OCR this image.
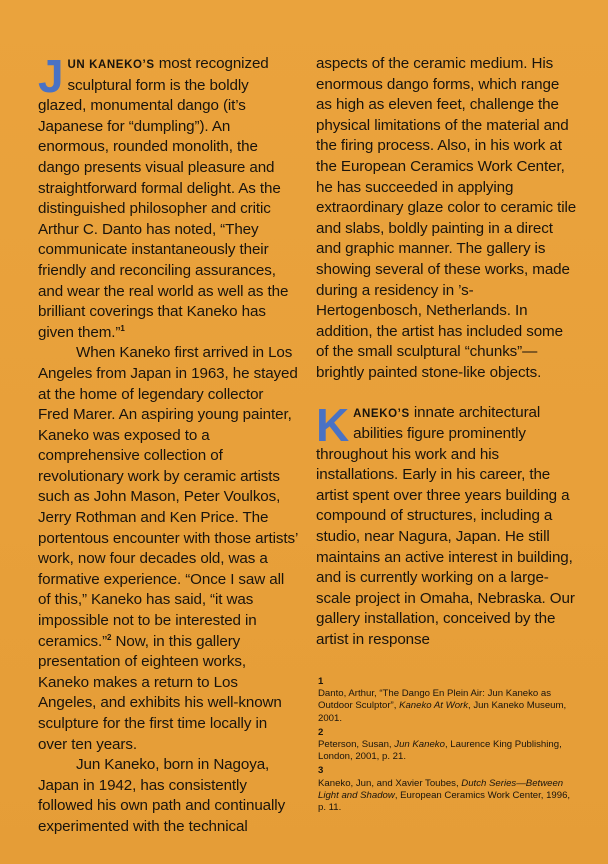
JUN KANEKO’S most recognized sculptural form is the boldly glazed, monumental dango (it’s Japanese for “dumpling”). An enormous, rounded monolith, the dango presents visual pleasure and straightforward formal delight. As the distinguished philosopher and critic Arthur C. Danto has noted, “They communicate instantaneously their friendly and reconciling assurances, and wear the real world as well as the brilliant coverings that Kaneko has given them.”$^1$

When Kaneko first arrived in Los Angeles from Japan in 1963, he stayed at the home of legendary collector Fred Marer. An aspiring young painter, Kaneko was exposed to a comprehensive collection of revolutionary work by ceramic artists such as John Mason, Peter Voulkos, Jerry Rothman and Ken Price. The portentous encounter with those artists’ work, now four decades old, was a formative experience. “Once I saw all of this,” Kaneko has said, “it was impossible not to be interested in ceramics.”$^2$ Now, in this gallery presentation of eighteen works, Kaneko makes a return to Los Angeles, and exhibits his well-known sculpture for the first time locally in over ten years.

Jun Kaneko, born in Nagoya, Japan in 1942, has consistently followed his own path and continually experimented with the technical

aspects of the ceramic medium. His enormous dango forms, which range as high as eleven feet, challenge the physical limitations of the material and the firing process. Also, in his work at the European Ceramics Work Center, he has succeeded in applying extraordinary glaze color to ceramic tile and slabs, boldly painting in a direct and graphic manner. The gallery is showing several of these works, made during a residency in ’s-Hertogenbosch, Netherlands. In addition, the artist has included some of the small sculptural “chunks”—brightly painted stone-like objects.

KANEKO’S innate architectural abilities figure prominently throughout his work and his installations. Early in his career, the artist spent over three years building a compound of structures, including a studio, near Nagura, Japan. He still maintains an active interest in building, and is currently working on a large-scale project in Omaha, Nebraska. Our gallery installation, conceived by the artist in response

1
Danto, Arthur, “The Dango En Plein Air: Jun Kaneko as Outdoor Sculptor”, Kaneko At Work, Jun Kaneko Museum, 2001.
2
Peterson, Susan, Jun Kaneko, Laurence King Publishing, London, 2001, p. 21.
3
Kaneko, Jun, and Xavier Toubes, Dutch Series—Between Light and Shadow, European Ceramics Work Center, 1996, p. 11.
